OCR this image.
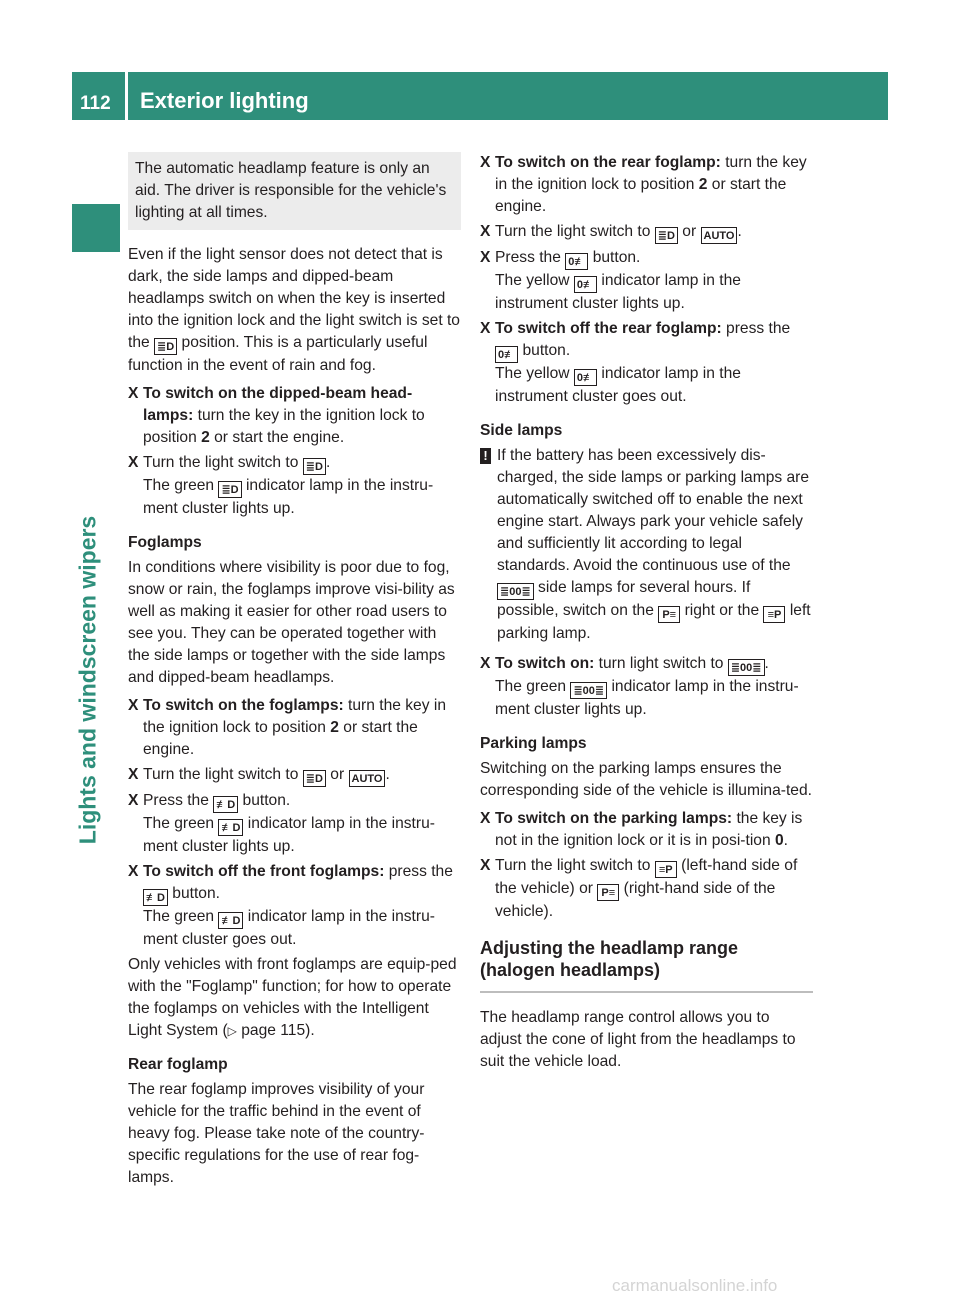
112 Exterior lighting
Lights and windscreen wipers
The automatic headlamp feature is only an aid. The driver is responsible for the vehicle's lighting at all times.

Even if the light sensor does not detect that is dark, the side lamps and dipped-beam headlamps switch on when the key is inserted into the ignition lock and the light switch is set to the ≣D position. This is a particularly useful function in the event of rain and fog.

X To switch on the dipped-beam head-lamps: turn the key in the ignition lock to position 2 or start the engine.
X Turn the light switch to ≣D .
The green ≣D indicator lamp in the instru-ment cluster lights up.
Foglamps

In conditions where visibility is poor due to fog, snow or rain, the foglamps improve visi-bility as well as making it easier for other road users to see you. They can be operated together with the side lamps or together with the side lamps and dipped-beam headlamps.

X To switch on the foglamps: turn the key in the ignition lock to position 2 or start the engine.
X Turn the light switch to ≣D or AUTO .
X Press the ≢D button.
The green ≢D indicator lamp in the instru-ment cluster lights up.
X To switch off the front foglamps: press the ≢D button.
The green ≢D indicator lamp in the instru-ment cluster goes out.

Only vehicles with front foglamps are equip-ped with the "Foglamp" function; for how to operate the foglamps on vehicles with the Intelligent Light System (▷ page 115).

Rear foglamp

The rear foglamp improves visibility of your vehicle for the traffic behind in the event of heavy fog. Please take note of the country-specific regulations for the use of rear fog-lamps.

X To switch on the rear foglamp: turn the key in the ignition lock to position 2 or start the engine.
X Turn the light switch to ≣D or AUTO .
X Press the 0≢ button.
The yellow 0≢ indicator lamp in the instrument cluster lights up.
X To switch off the rear foglamp: press the
0≢ button.
The yellow 0≢ indicator lamp in the instrument cluster goes out.
Side lamps
! If the battery has been excessively dis-charged, the side lamps or parking lamps are automatically switched off to enable the next engine start. Always park your vehicle safely and sufficiently lit according to legal standards. Avoid the continuous use of the ≣00≣ side lamps for several hours. If possible, switch on the P≡ right or the ≡P left parking lamp.
X To switch on: turn light switch to ≣00≣ .
The green ≣00≣ indicator lamp in the instru-ment cluster lights up.
Parking lamps

Switching on the parking lamps ensures the corresponding side of the vehicle is illumina-ted.

X To switch on the parking lamps: the key is not in the ignition lock or it is in posi-tion 0.
X Turn the light switch to ≡P (left-hand side of the vehicle) or P≡ (right-hand side of the vehicle).
Adjusting the headlamp range (halogen headlamps)

The headlamp range control allows you to adjust the cone of light from the headlamps to suit the vehicle load.

carmanualsonline.info
